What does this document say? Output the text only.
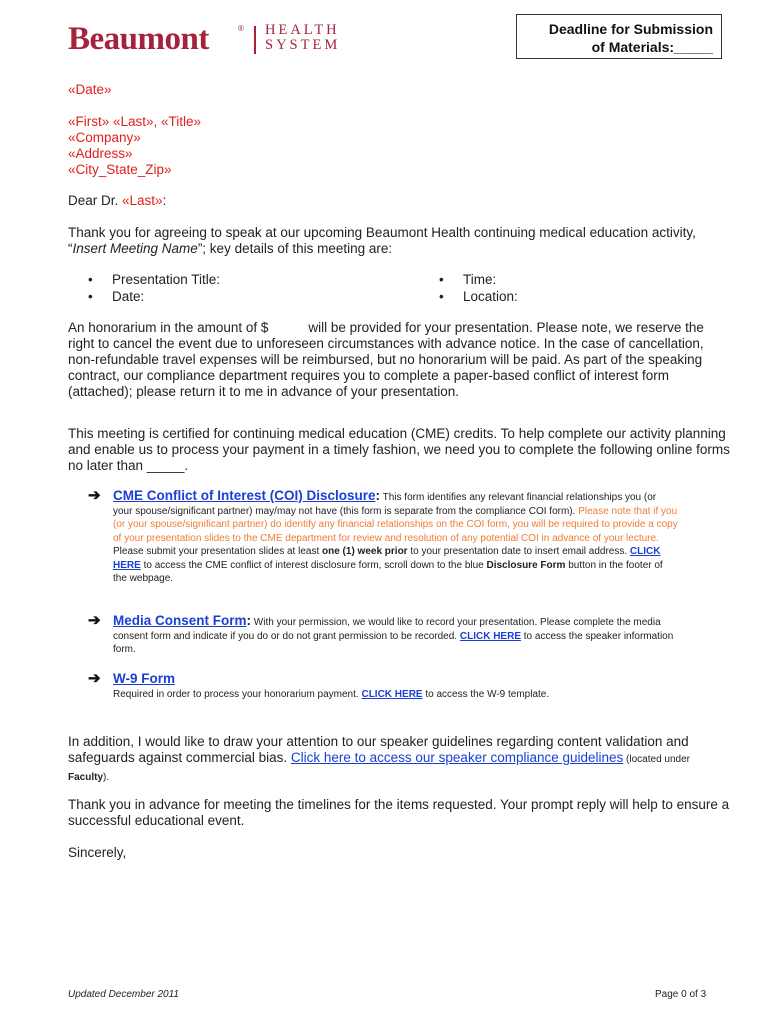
Beaumont	® HEALTH
SYSTEM
Deadline for Submission
of Materials:_____
«Date»
«First» «Last», «Title»
«Company»
«Address»
«City_State_Zip»
Dear Dr. «Last»:
Thank you for agreeing to speak at our upcoming Beaumont Health continuing medical education activity,
“Insert Meeting Name”; key details of this meeting are:
• Presentation Title:
• Date:
• Time:
• Location:
An honorarium in the amount of $	will be provided for your presentation. Please note, we reserve the right to cancel the event due to unforeseen circumstances with advance notice. In the case of cancellation, non-refundable travel expenses will be reimbursed, but no honorarium will be paid. As part of the speaking contract, our compliance department requires you to complete a paper-based conflict of interest form (attached); please return it to me in advance of your presentation.
This meeting is certified for continuing medical education (CME) credits. To help complete our activity planning and enable us to process your payment in a timely fashion, we need you to complete the following online forms no later than _____.
➔ CME Conflict of Interest (COI) Disclosure: This form identifies any relevant financial relationships you (or your spouse/significant partner) may/may not have (this form is separate from the compliance COI form). Please note that if you (or your spouse/significant partner) do identify any financial relationships on the COI form, you will be required to provide a copy of your presentation slides to the CME department for review and resolution of any potential COI in advance of your lecture. Please submit your presentation slides at least one (1) week prior to your presentation date to insert email address. CLICK HERE to access the CME conflict of interest disclosure form, scroll down to the blue Disclosure Form button in the footer of the webpage.
➔ Media Consent Form: With your permission, we would like to record your presentation. Please complete the media consent form and indicate if you do or do not grant permission to be recorded. CLICK HERE to access the speaker information form.
➔ W-9 Form
Required in order to process your honorarium payment. CLICK HERE to access the W-9 template.
In addition, I would like to draw your attention to our speaker guidelines regarding content validation and safeguards against commercial bias. Click here to access our speaker compliance guidelines (located under Faculty).
Thank you in advance for meeting the timelines for the items requested. Your prompt reply will help to ensure a successful educational event.
Sincerely,
Updated December 2011	Page 0 of 3
